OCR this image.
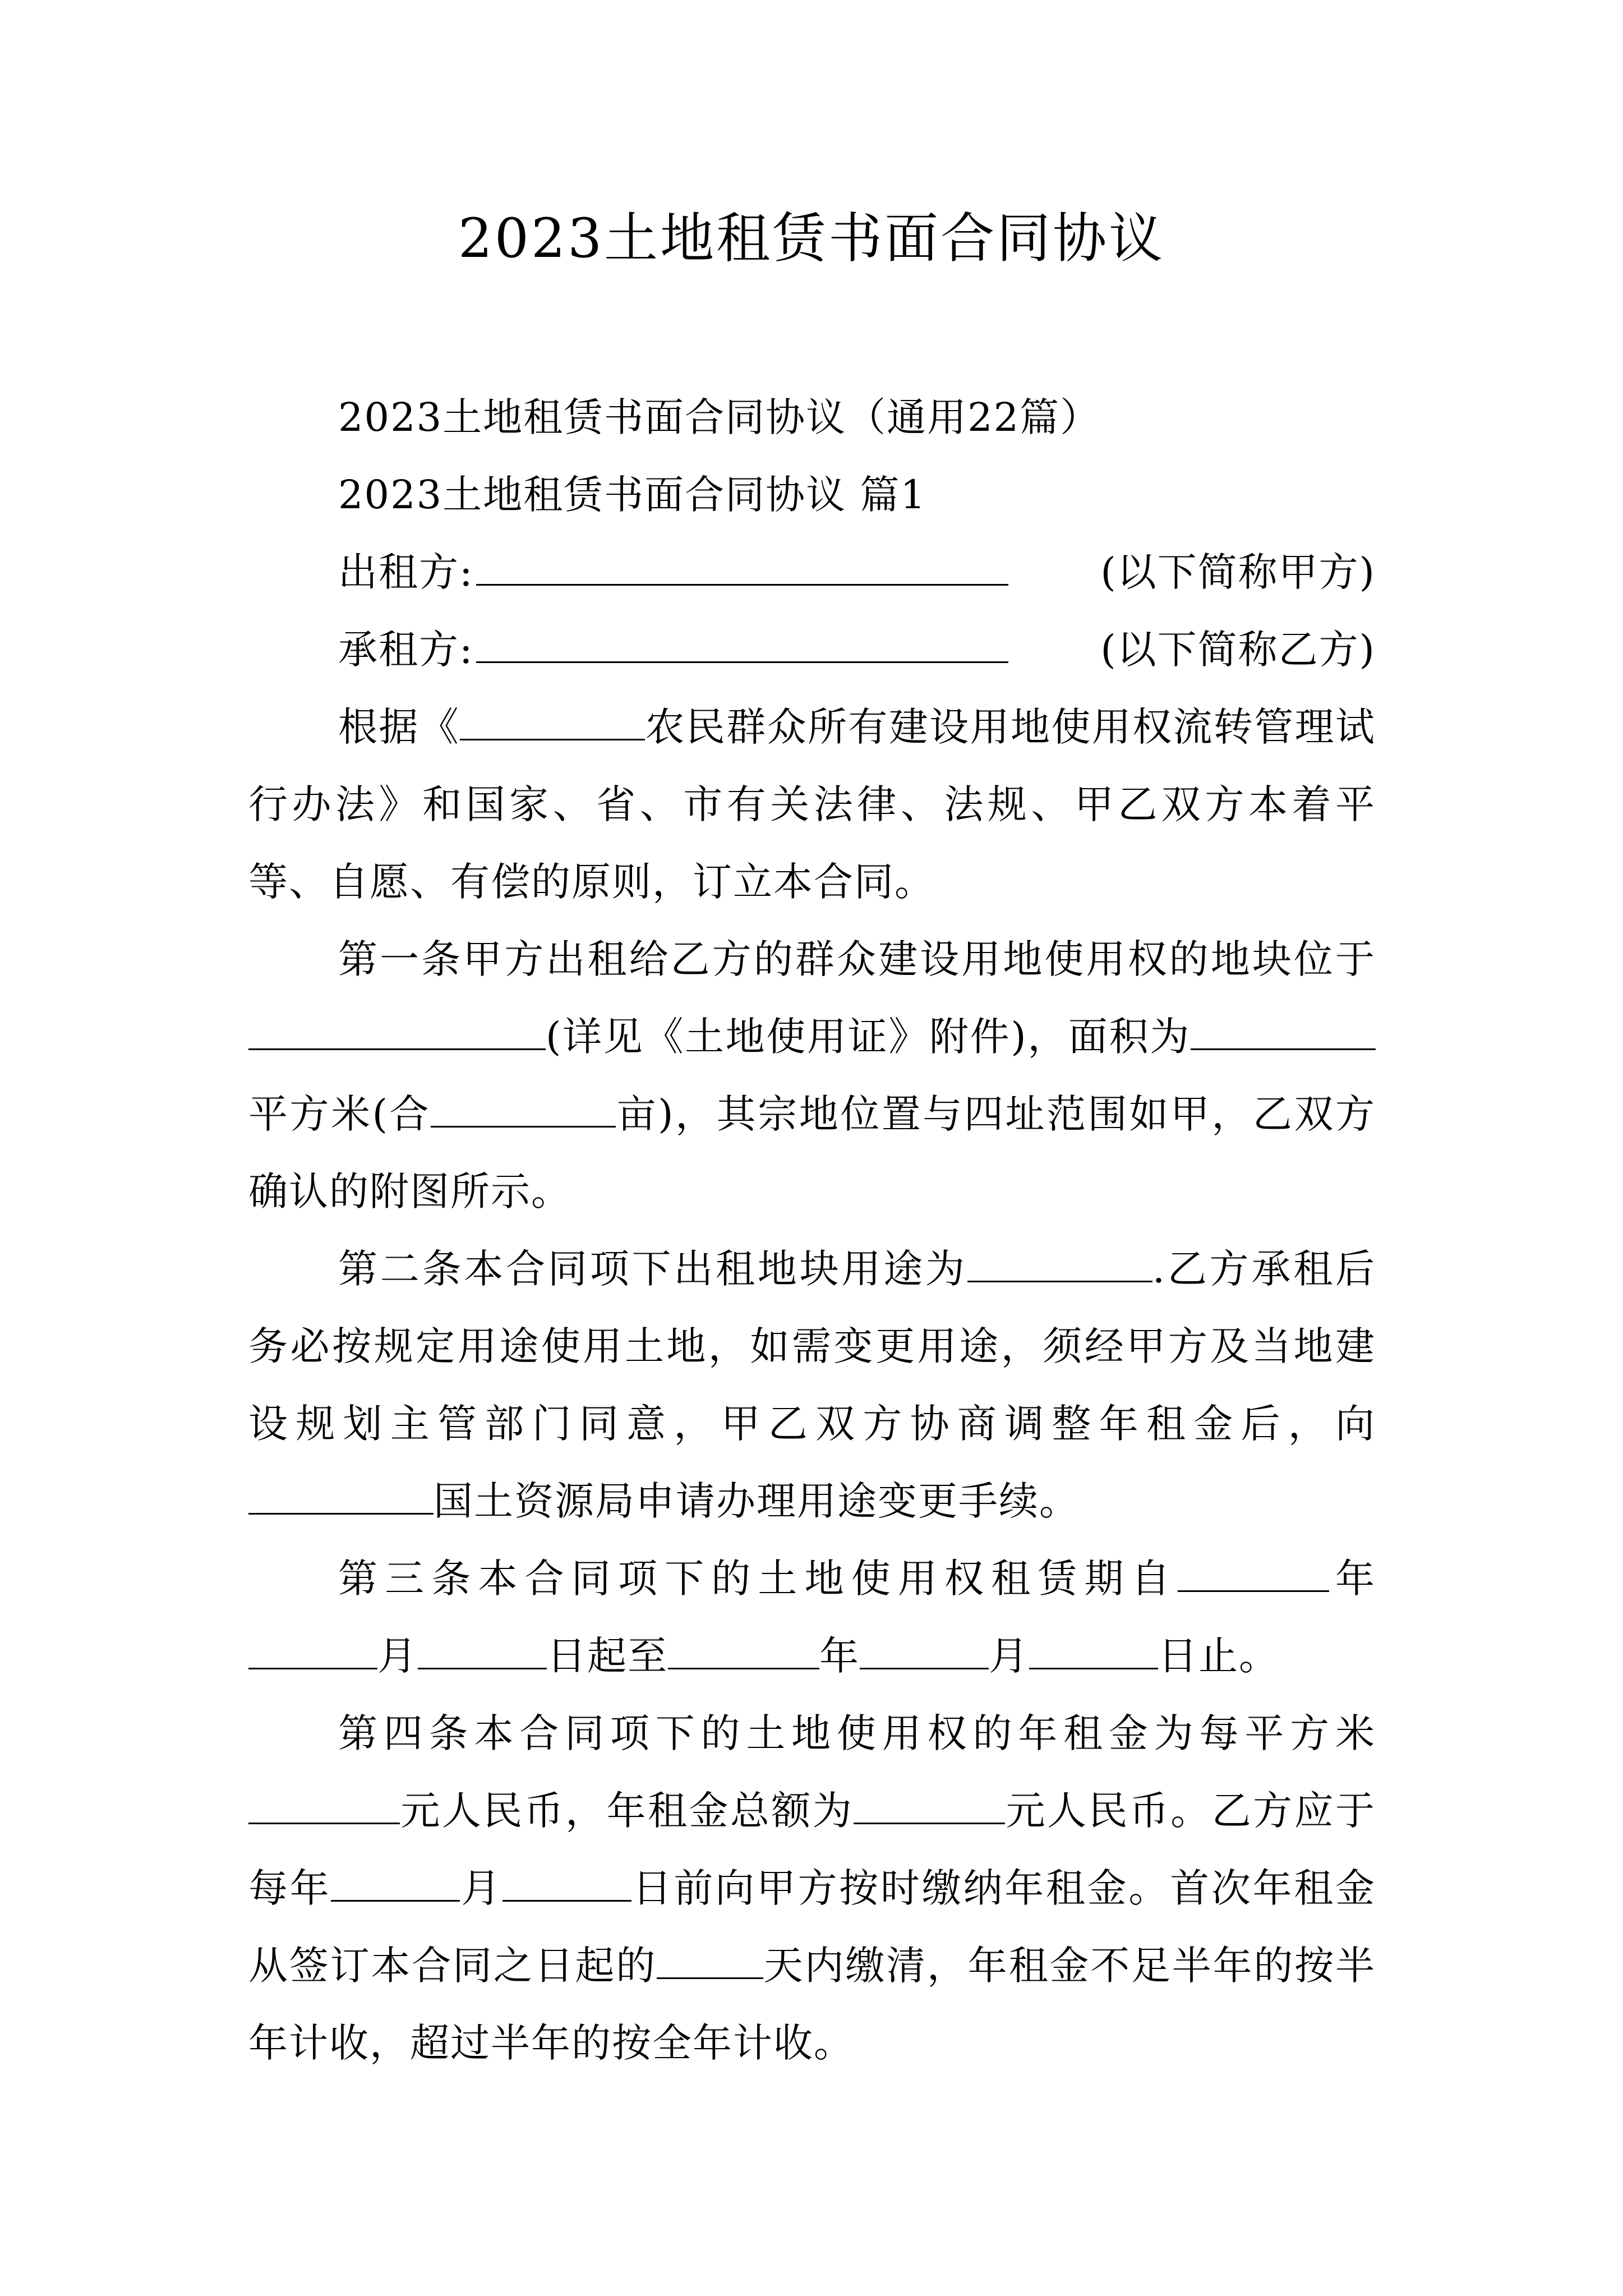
2023土地租赁书面合同协议

2023土地租赁书面合同协议（通用22篇）

2023土地租赁书面合同协议 篇1

出租方:	(以下简称甲方)

承租方:	(以下简称乙方)

根据《	农民群众所有建设用地使用权流转管理试行办法》和国家、省、市有关法律、法规、甲乙双方本着平等、自愿、有偿的原则，订立本合同。

第一条甲方出租给乙方的群众建设用地使用权的地块位于(详见《土地使用证》附件)，面积为平方米(合	亩)，其宗地位置与四址范围如甲，乙双方确认的附图所示。

第二条本合同项下出租地块用途为	.乙方承租后务必按规定用途使用土地，如需变更用途，须经甲方及当地建设规划主管部门同意，甲乙双方协商调整年租金后，向国土资源局申请办理用途变更手续。

第三条本合同项下的土地使用权租赁期自	年月	日起至	年	月	日止。

第四条本合同项下的土地使用权的年租金为每平方米元人民币，年租金总额为	元人民币。乙方应于每年	月	日前向甲方按时缴纳年租金。首次年租金从签订本合同之日起的	天内缴清，年租金不足半年的按半年计收，超过半年的按全年计收。
